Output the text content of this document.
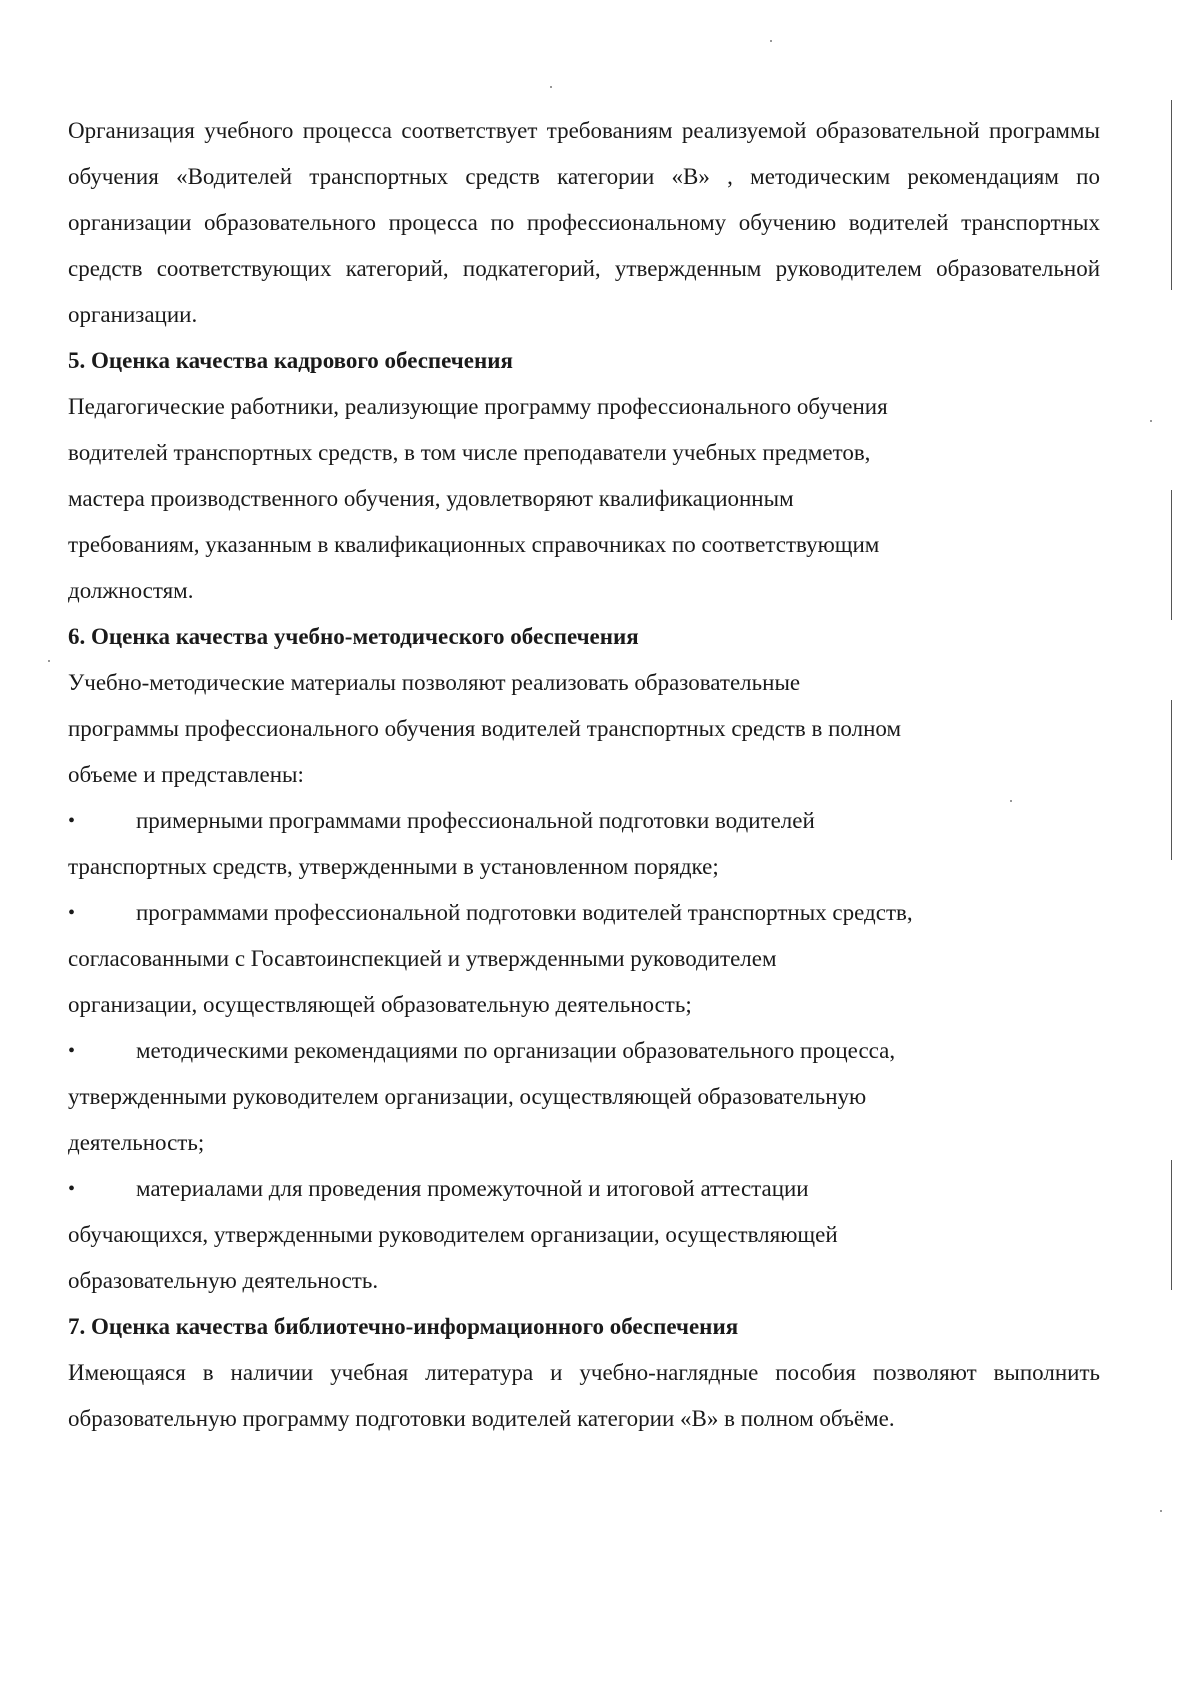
Организация учебного процесса соответствует требованиям реализуемой образовательной программы обучения «Водителей транспортных средств категории «В» , методическим рекомендациям по организации образовательного процесса по профессиональному обучению водителей транспортных средств соответствующих категорий, подкатегорий, утвержденным руководителем образовательной организации.

5. Оценка качества кадрового обеспечения

Педагогические работники, реализующие программу профессионального обучения

водителей транспортных средств, в том числе преподаватели учебных предметов,

мастера производственного обучения, удовлетворяют квалификационным

требованиям, указанным в квалификационных справочниках по соответствующим

должностям.

6. Оценка качества учебно-методического обеспечения

Учебно-методические материалы позволяют реализовать образовательные

программы профессионального обучения водителей транспортных средств в полном

объеме и представлены:

•	примерными программами профессиональной подготовки водителей

транспортных средств, утвержденными в установленном порядке;

•	программами профессиональной подготовки водителей транспортных средств,

согласованными с Госавтоинспекцией и утвержденными руководителем

организации, осуществляющей образовательную деятельность;

•	методическими рекомендациями по организации образовательного процесса,

утвержденными руководителем организации, осуществляющей образовательную

деятельность;

•	материалами для проведения промежуточной и итоговой аттестации

обучающихся, утвержденными руководителем организации, осуществляющей

образовательную деятельность.

7. Оценка качества библиотечно-информационного обеспечения

Имеющаяся в наличии учебная литература и учебно-наглядные пособия позволяют выполнить образовательную программу подготовки водителей категории «В» в полном объёме.
